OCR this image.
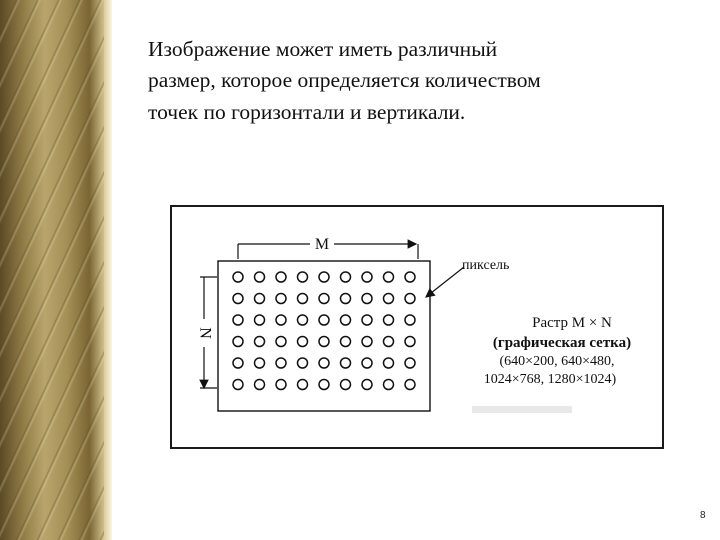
Изображение может иметь различный
размер, которое определяется количеством
точек по горизонтали и вертикали.
M
N
пиксель
Растр M × N
(графическая сетка)
(640×200, 640×480,
1024×768, 1280×1024)
8
